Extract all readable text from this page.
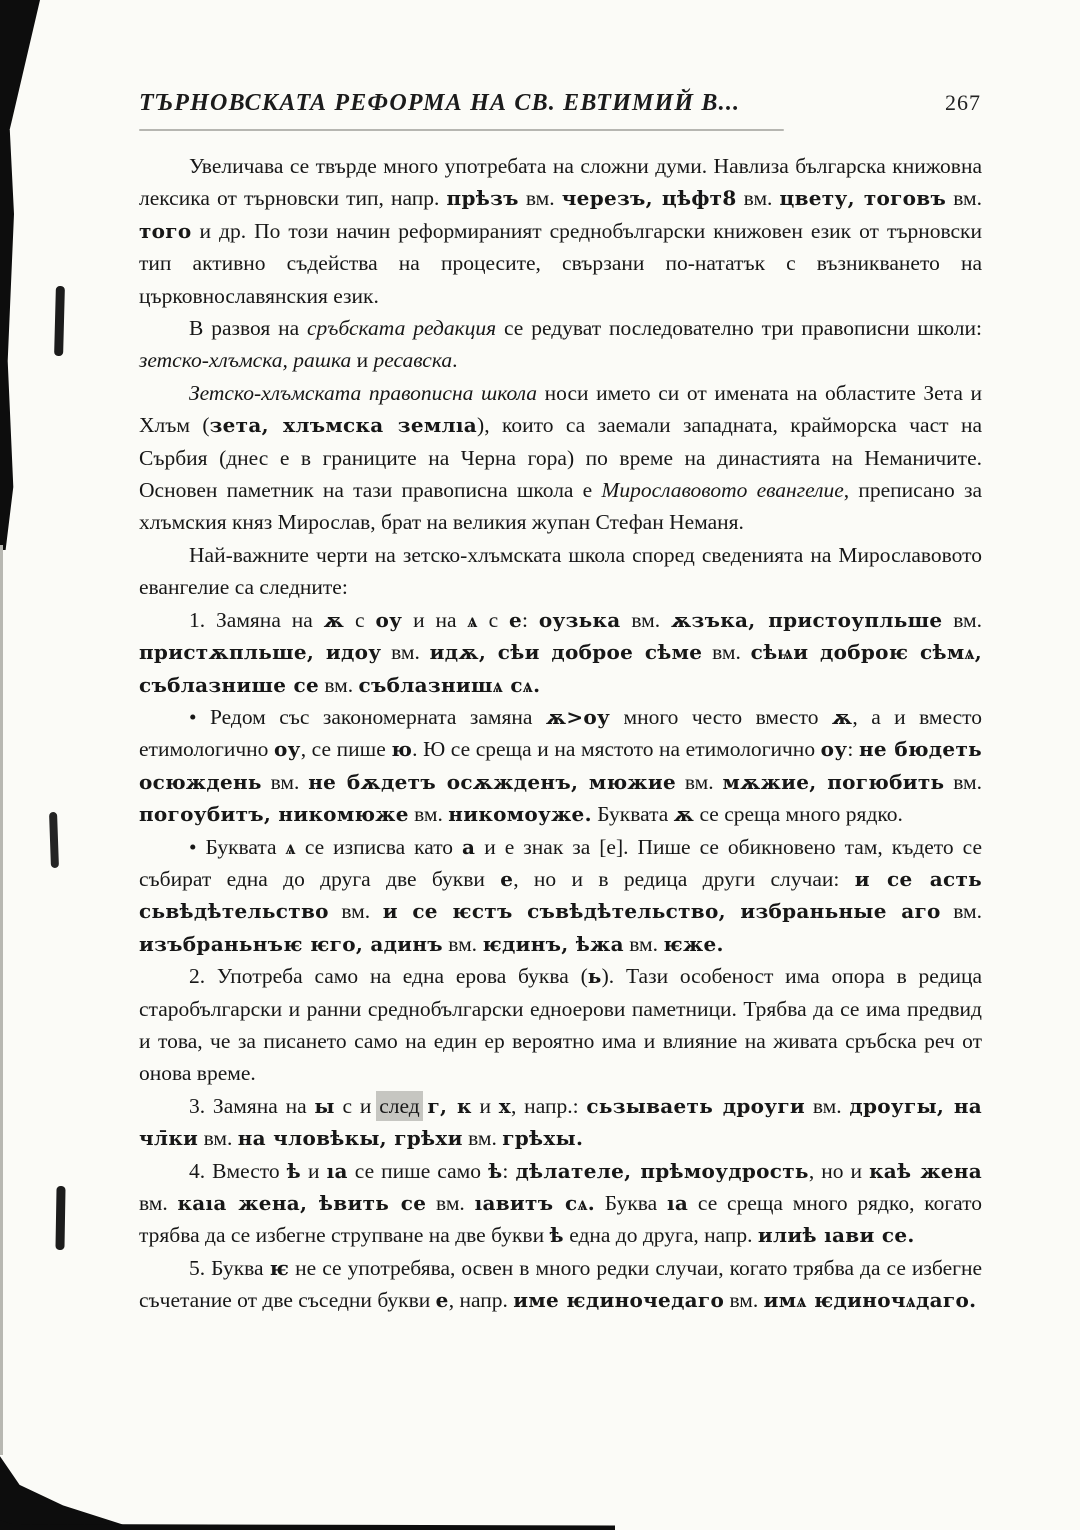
ТЪРНОВСКАТА РЕФОРМА НА СВ. ЕВТИМИЙ В...	267

Увеличава се твърде много употребата на сложни думи. Навлиза българска книжовна лексика от търновски тип, напр. прѣзъ вм. черезъ, цѣфт8 вм. цвету, тоговъ вм. того и др. По този начин реформираният среднобългарски книжовен език от търновски тип активно съдейства на процесите, свързани по-нататък с възникването на църковнославянския език.

В развоя на сръбската редакция се редуват последователно три правописни школи: зетско-хлъмска, рашка и ресавска.

Зетско-хлъмската правописна школа носи името си от имената на областите Зета и Хлъм (зета, хлъмска землıа), които са заемали западната, крайморска част на Сърбия (днес е в границите на Черна гора) по време на династията на Неманичите. Основен паметник на тази правописна школа е Мирославовото евангелие, преписано за хлъмския княз Мирослав, брат на великия жупан Стефан Неманя.

Най-важните черти на зетско-хлъмската школа според сведенията на Мирославовото евангелие са следните:

1. Замяна на ѫ с оу и на ѧ с е: оузька вм. ѫзъка, пристоупльше вм. пристѫпльше, идоу вм. идѫ, сѣи доброе сѣме вм. сѣѩи доброѥ сѣмѧ, съблазнише се вм. съблазнишѧ сѧ.

• Редом със закономерната замяна ѫ>оу много често вместо ѫ, а и вместо етимологично оу, се пише ю. Ю се среща и на мястото на етимологично оу: не бюдеть осюждень вм. не бѫдетъ осѫжденъ, мюжие вм. мѫжие, погюбить вм. погоубитъ, никомюже вм. никомоуже. Буквата ѫ се среща много рядко.

• Буквата ѧ се изписва като а и е знак за [е]. Пише се обикновено там, където се събират една до друга две букви е, но и в редица други случаи: и се асть сьвѣдѣтельство вм. и се ѥстъ съвѣдѣтельство, избраньные аго вм. изъбраньнъѥ ѥго, адинъ вм. ѥдинъ, ѣжа вм. ѥже.

2. Употреба само на една ерова буква (ь). Тази особеност има опора в редица старобългарски и ранни среднобългарски едноерови паметници. Трябва да се има предвид и това, че за писането само на един ер вероятно има и влияние на живата сръбска реч от онова време.

3. Замяна на ы с и след г, к и х, напр.: сьзываеть дроуги вм. дроугы, на чл̄ки вм. на чловѣкы, грѣхи вм. грѣхы.

4. Вместо ѣ и ıа се пише само ѣ: дѣлателе, прѣмоудрость, но и каѣ жена вм. каıа жена, ѣвить се вм. ıавитъ сѧ. Буква ıа се среща много рядко, когато трябва да се избегне струпване на две букви ѣ една до друга, напр. илиѣ ıави се.

5. Буква ѥ не се употребява, освен в много редки случаи, когато трябва да се избегне съчетание от две съседни букви е, напр. име ѥдиночедаго вм. имѧ ѥдиночѧдаго.
